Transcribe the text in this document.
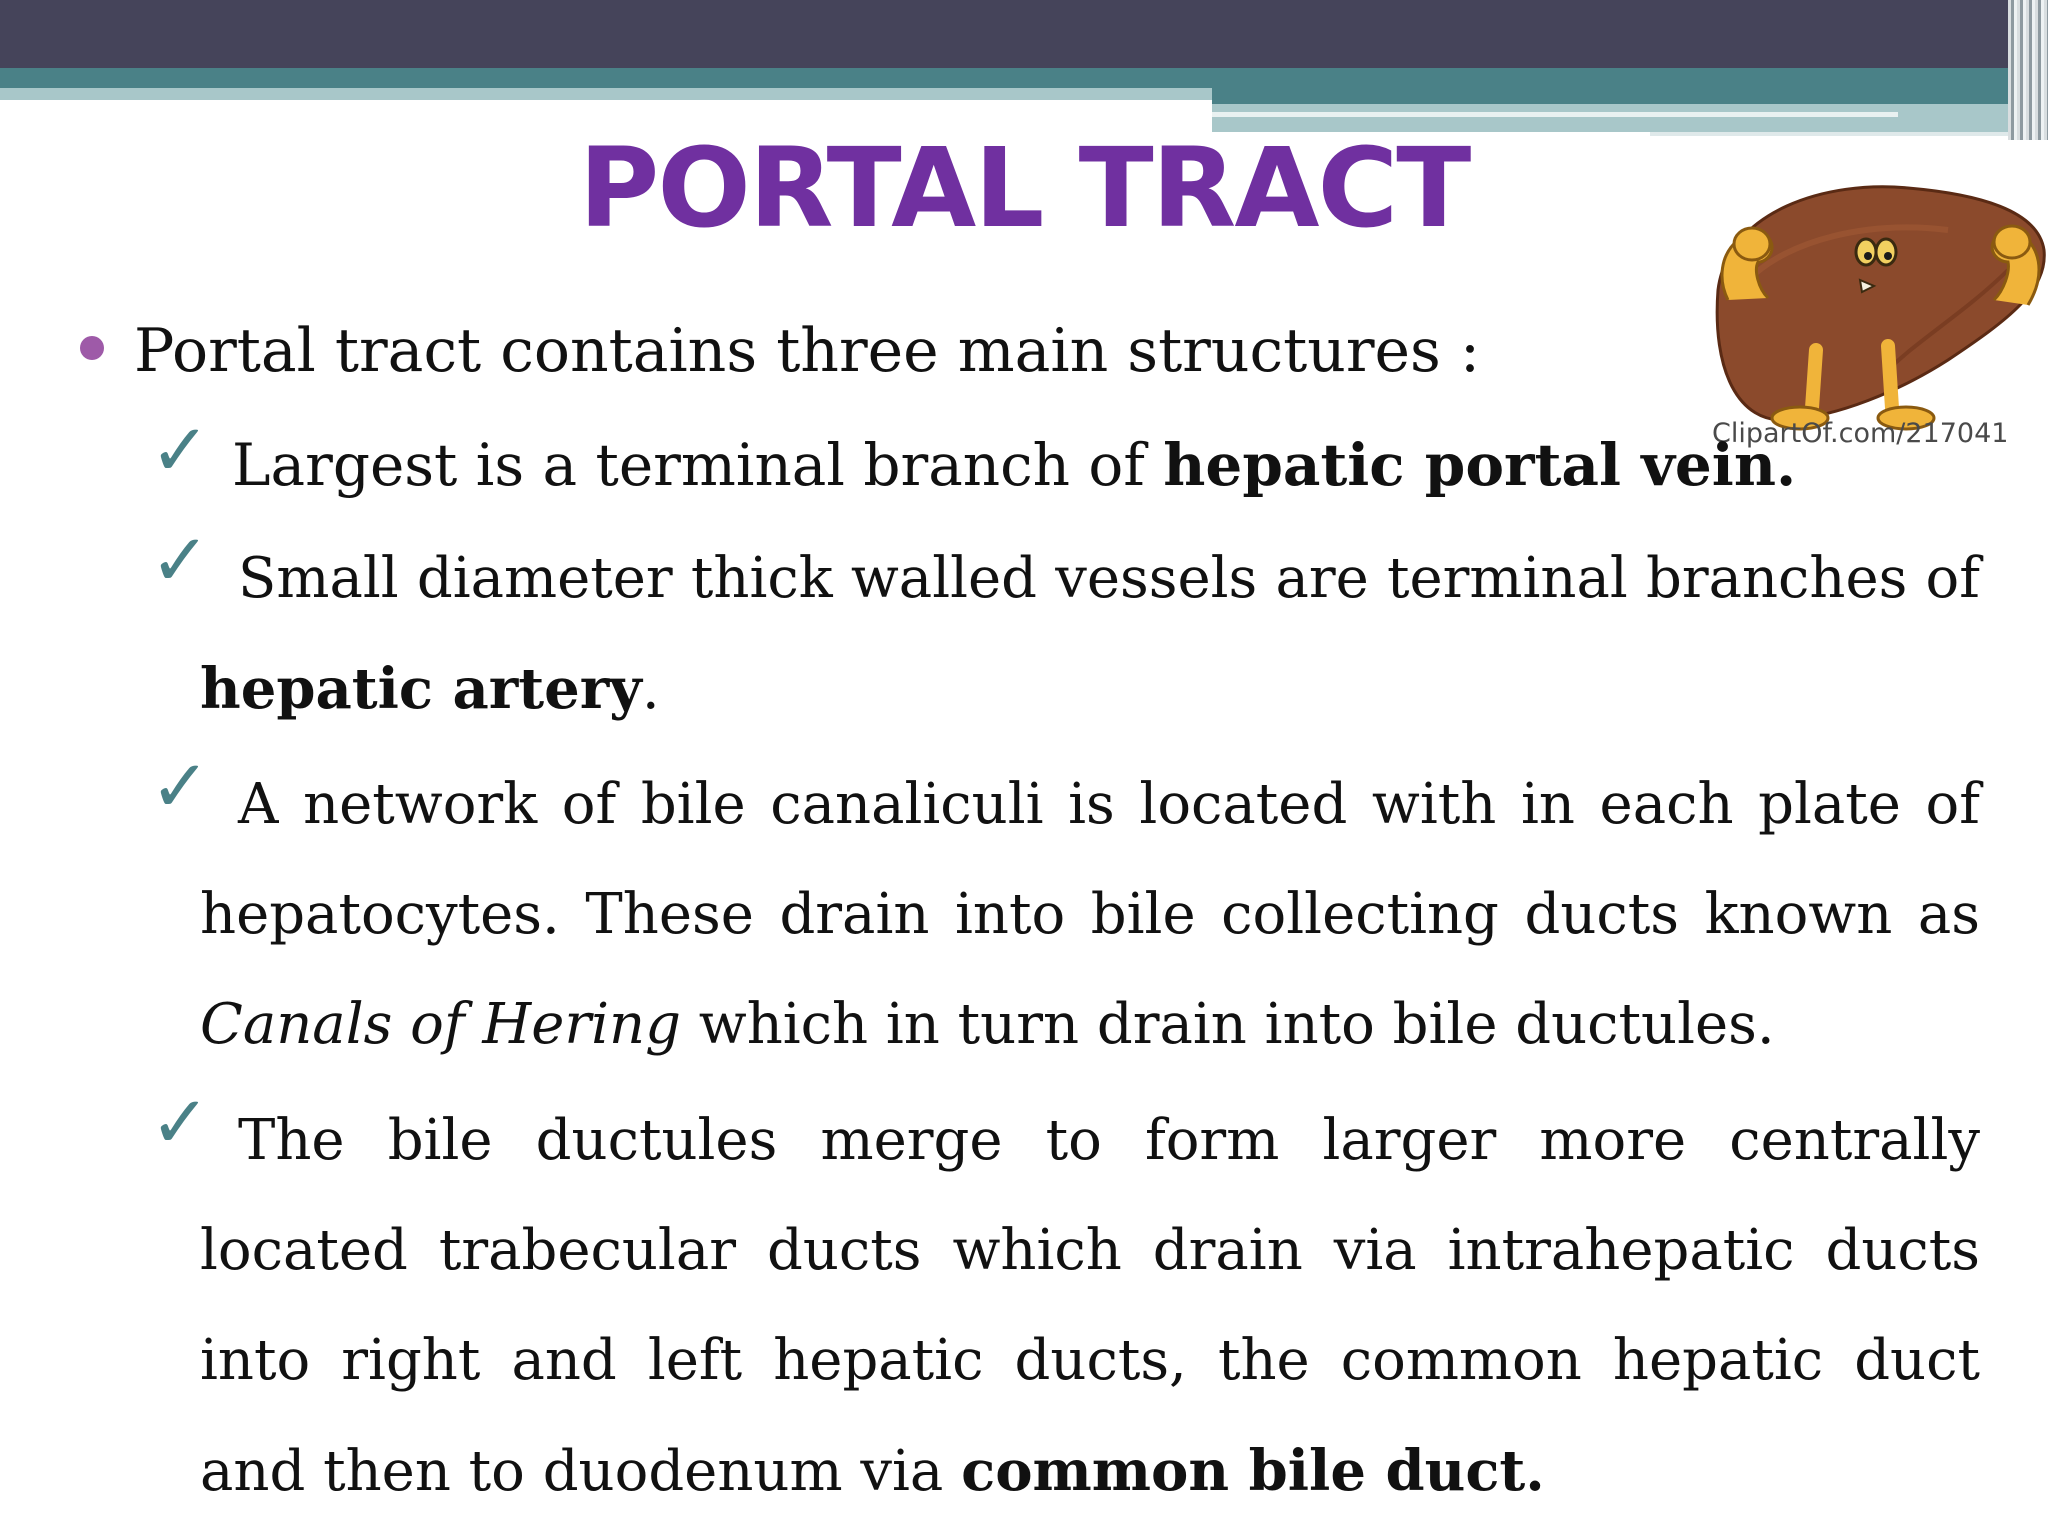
PORTAL TRACT
ClipartOf.com/217041
Portal tract contains three main structures :
✓
✓
✓
✓
Largest is a terminal branch of hepatic portal vein.
Small diameter thick walled vessels are terminal branches of hepatic artery.
A network of bile canaliculi is located with in each plate of hepatocytes. These drain into bile collecting ducts known as Canals of Hering which in turn drain into bile ductules.
The bile ductules merge to form larger more centrally located trabecular ducts which drain via intrahepatic ducts into right and left hepatic ducts, the common hepatic duct and then to duodenum via common bile duct.
